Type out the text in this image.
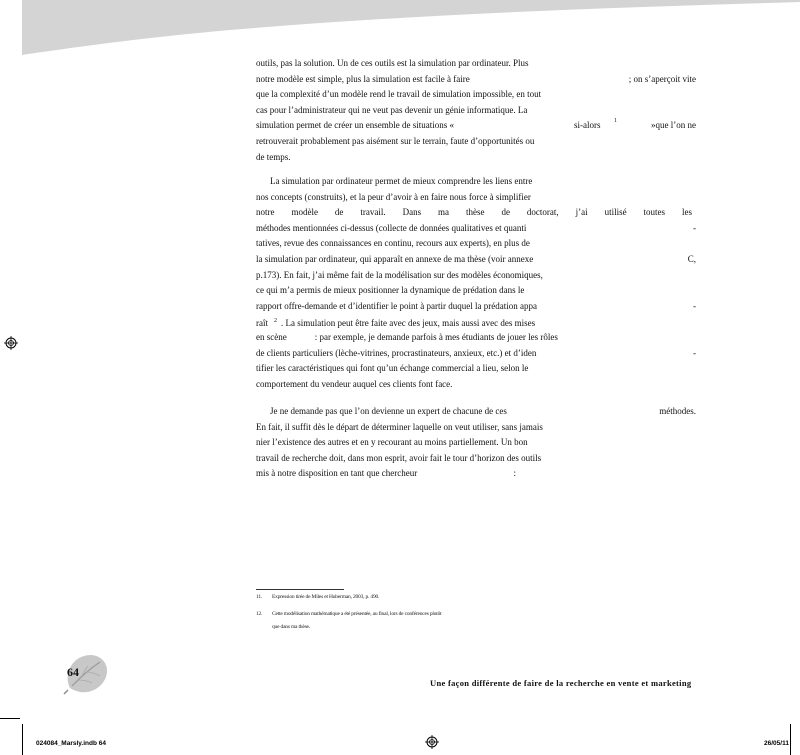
outils, pas la solution. Un de ces outils est la simulation par ordinateur. Plus

notre modèle est simple, plus la simulation est facile à faire	; on s’aperçoit vite

que la complexité d’un modèle rend le travail de simulation impossible, en tout

cas pour l’administrateur qui ne veut pas devenir un génie informatique. La

simulation permet de créer un ensemble de situations «	si-alors 1	»que l’on ne

retrouverait probablement pas aisément sur le terrain, faute d’opportunités ou

de temps.

La simulation par ordinateur permet de mieux comprendre les liens entre

nos concepts (construits), et la peur d’avoir à en faire nous force à simplifier

notre modèle de travail. Dans ma thèse de doctorat, j’ai utilisé toutes les

méthodes mentionnées ci-dessus (collecte de données qualitatives et quanti	-

tatives, revue des connaissances en continu, recours aux experts), en plus de

la simulation par ordinateur, qui apparaît en annexe de ma thèse (voir annexe	C,

p.173). En fait, j’ai même fait de la modélisation sur des modèles économiques,

ce qui m’a permis de mieux positionner la dynamique de prédation dans le

rapport offre-demande et d’identifier le point à partir duquel la prédation appa	-

raît $^2$ . La simulation peut être faite avec des jeux, mais aussi avec des mises

en scène	: par exemple, je demande parfois à mes étudiants de jouer les rôles

de clients particuliers (lèche-vitrines, procrastinateurs, anxieux, etc.) et d’iden	-

tifier les caractéristiques qui font qu’un échange commercial a lieu, selon le

comportement du vendeur auquel ces clients font face.

Je ne demande pas que l’on devienne un expert de chacune de ces	méthodes.

En fait, il suffit dès le départ de déterminer laquelle on veut utiliser, sans jamais

nier l’existence des autres et en y recourant au moins partiellement. Un bon

travail de recherche doit, dans mon esprit, avoir fait le tour d’horizon des outils

mis à notre disposition en tant que chercheur	:

11. Expression tirée de Miles et Huberman, 2003, p. 490.
12. Cette modélisation mathématique a été présentée, au final, lors de conférences plutôt
que dans ma thèse.
64
Une façon différente de faire de la recherche en vente et marketing
024084_Marsly.indb 64	26/05/11
